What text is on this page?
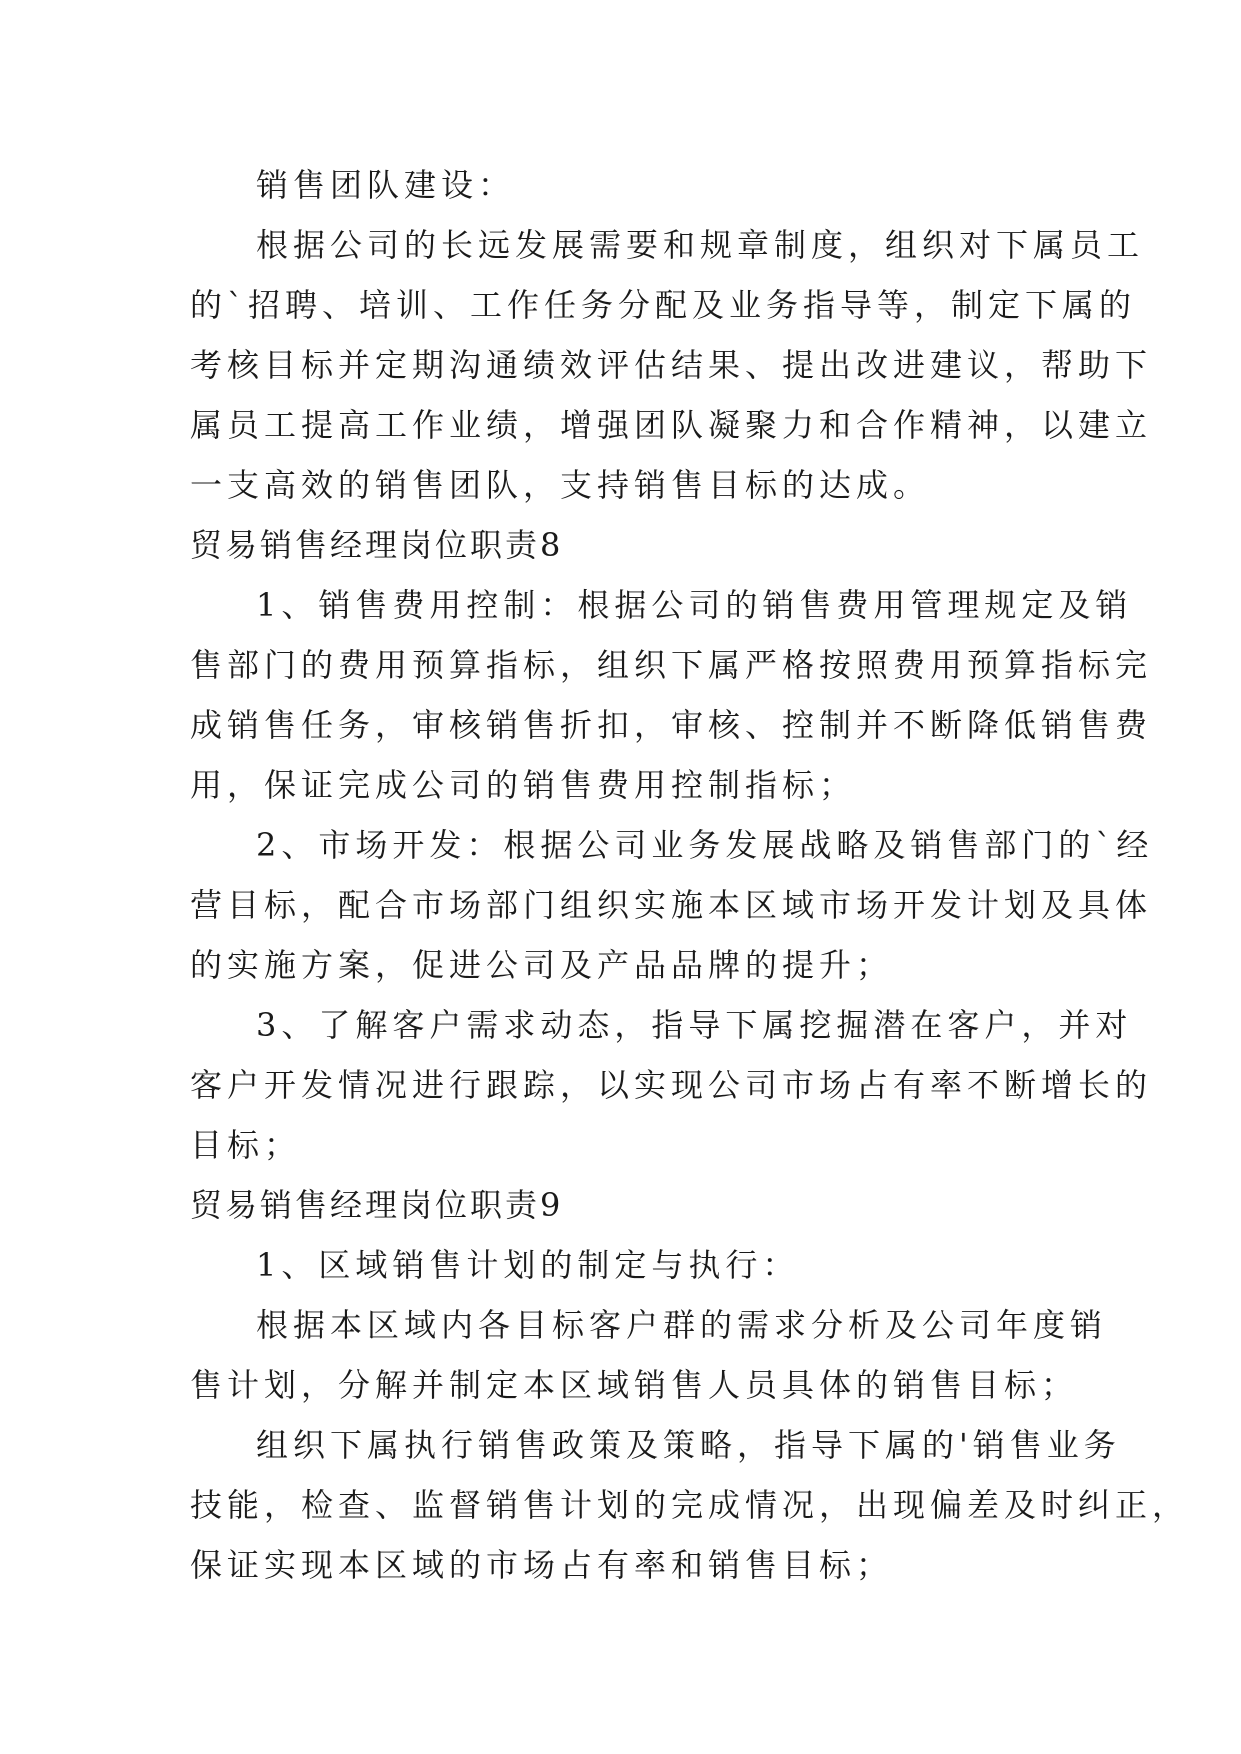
销售团队建设：
根据公司的长远发展需要和规章制度，组织对下属员工
的`招聘、培训、工作任务分配及业务指导等，制定下属的
考核目标并定期沟通绩效评估结果、提出改进建议，帮助下
属员工提高工作业绩，增强团队凝聚力和合作精神，以建立
一支高效的销售团队，支持销售目标的达成。
贸易销售经理岗位职责8
1、销售费用控制：根据公司的销售费用管理规定及销
售部门的费用预算指标，组织下属严格按照费用预算指标完
成销售任务，审核销售折扣，审核、控制并不断降低销售费
用，保证完成公司的销售费用控制指标；
2、市场开发：根据公司业务发展战略及销售部门的`经
营目标，配合市场部门组织实施本区域市场开发计划及具体
的实施方案，促进公司及产品品牌的提升；
3、了解客户需求动态，指导下属挖掘潜在客户，并对
客户开发情况进行跟踪，以实现公司市场占有率不断增长的
目标；
贸易销售经理岗位职责9
1、区域销售计划的制定与执行：
根据本区域内各目标客户群的需求分析及公司年度销
售计划，分解并制定本区域销售人员具体的销售目标；
组织下属执行销售政策及策略，指导下属的'销售业务
技能，检查、监督销售计划的完成情况，出现偏差及时纠正，
保证实现本区域的市场占有率和销售目标；
